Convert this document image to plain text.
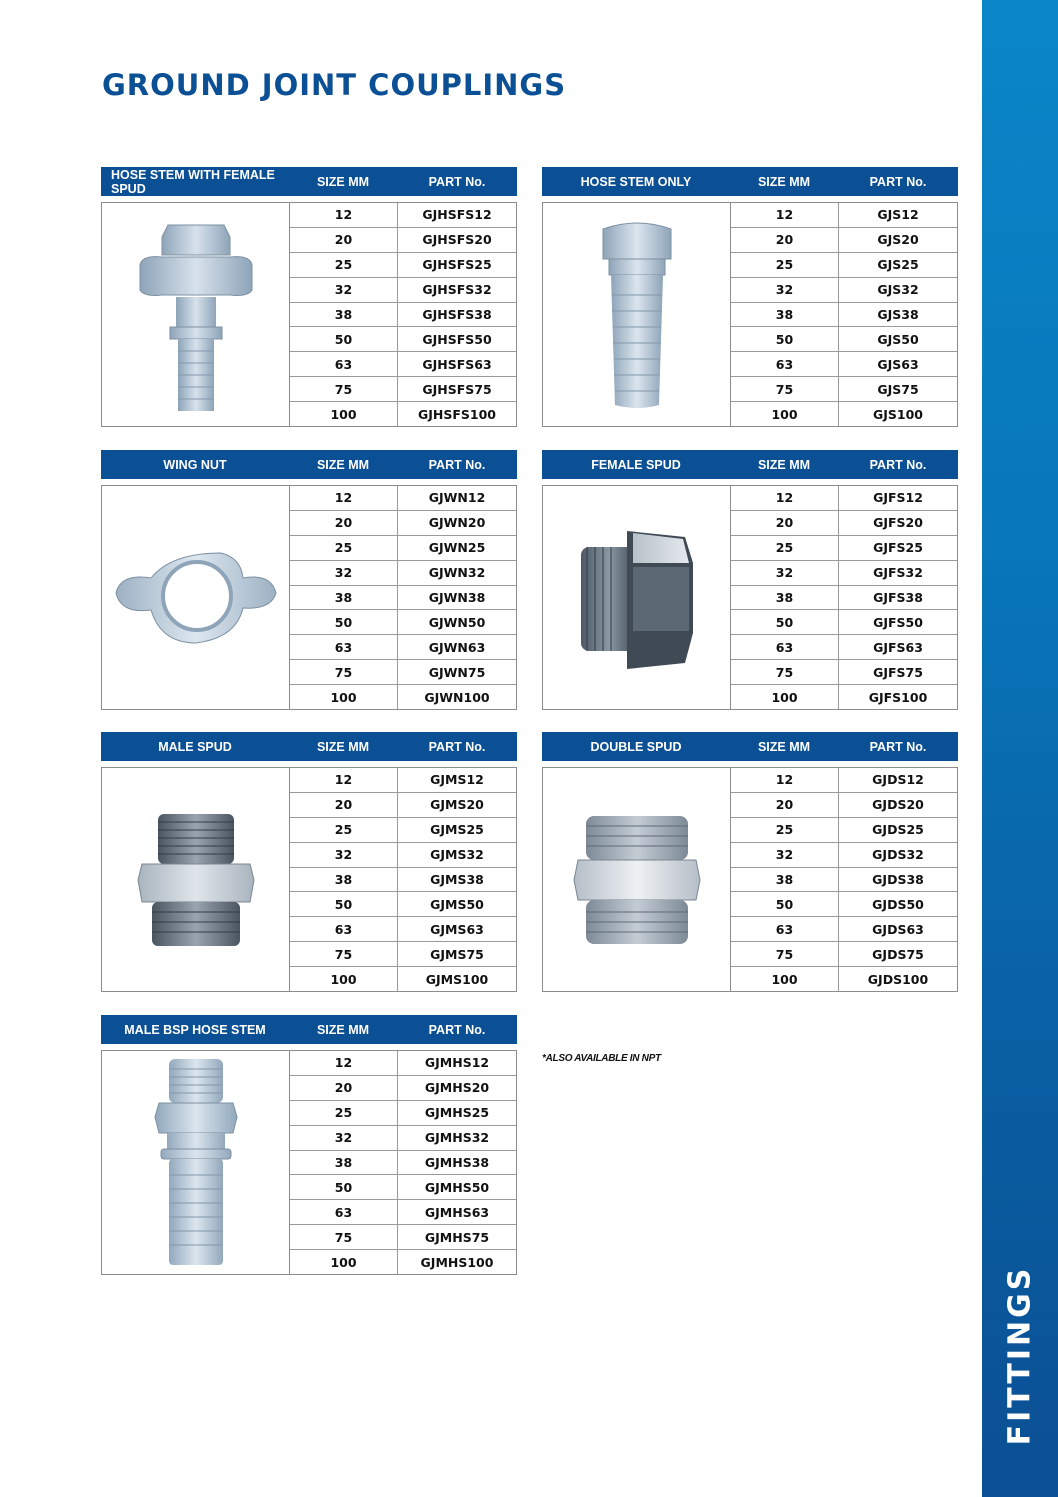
FITTINGS
GROUND JOINT COUPLINGS
HOSE STEM WITH FEMALE SPUD	SIZE MM	PART No.
12	GJHSFS12
20	GJHSFS20
25	GJHSFS25
32	GJHSFS32
38	GJHSFS38
50	GJHSFS50
63	GJHSFS63
75	GJHSFS75
100	GJHSFS100
HOSE STEM ONLY	SIZE MM	PART No.
12	GJS12
20	GJS20
25	GJS25
32	GJS32
38	GJS38
50	GJS50
63	GJS63
75	GJS75
100	GJS100
WING NUT	SIZE MM	PART No.
12	GJWN12
20	GJWN20
25	GJWN25
32	GJWN32
38	GJWN38
50	GJWN50
63	GJWN63
75	GJWN75
100	GJWN100
FEMALE SPUD	SIZE MM	PART No.
12	GJFS12
20	GJFS20
25	GJFS25
32	GJFS32
38	GJFS38
50	GJFS50
63	GJFS63
75	GJFS75
100	GJFS100
MALE SPUD	SIZE MM	PART No.
12	GJMS12
20	GJMS20
25	GJMS25
32	GJMS32
38	GJMS38
50	GJMS50
63	GJMS63
75	GJMS75
100	GJMS100
DOUBLE SPUD	SIZE MM	PART No.
12	GJDS12
20	GJDS20
25	GJDS25
32	GJDS32
38	GJDS38
50	GJDS50
63	GJDS63
75	GJDS75
100	GJDS100
MALE BSP HOSE STEM	SIZE MM	PART No.
12	GJMHS12
20	GJMHS20
25	GJMHS25
32	GJMHS32
38	GJMHS38
50	GJMHS50
63	GJMHS63
75	GJMHS75
100	GJMHS100
*ALSO AVAILABLE IN NPT
